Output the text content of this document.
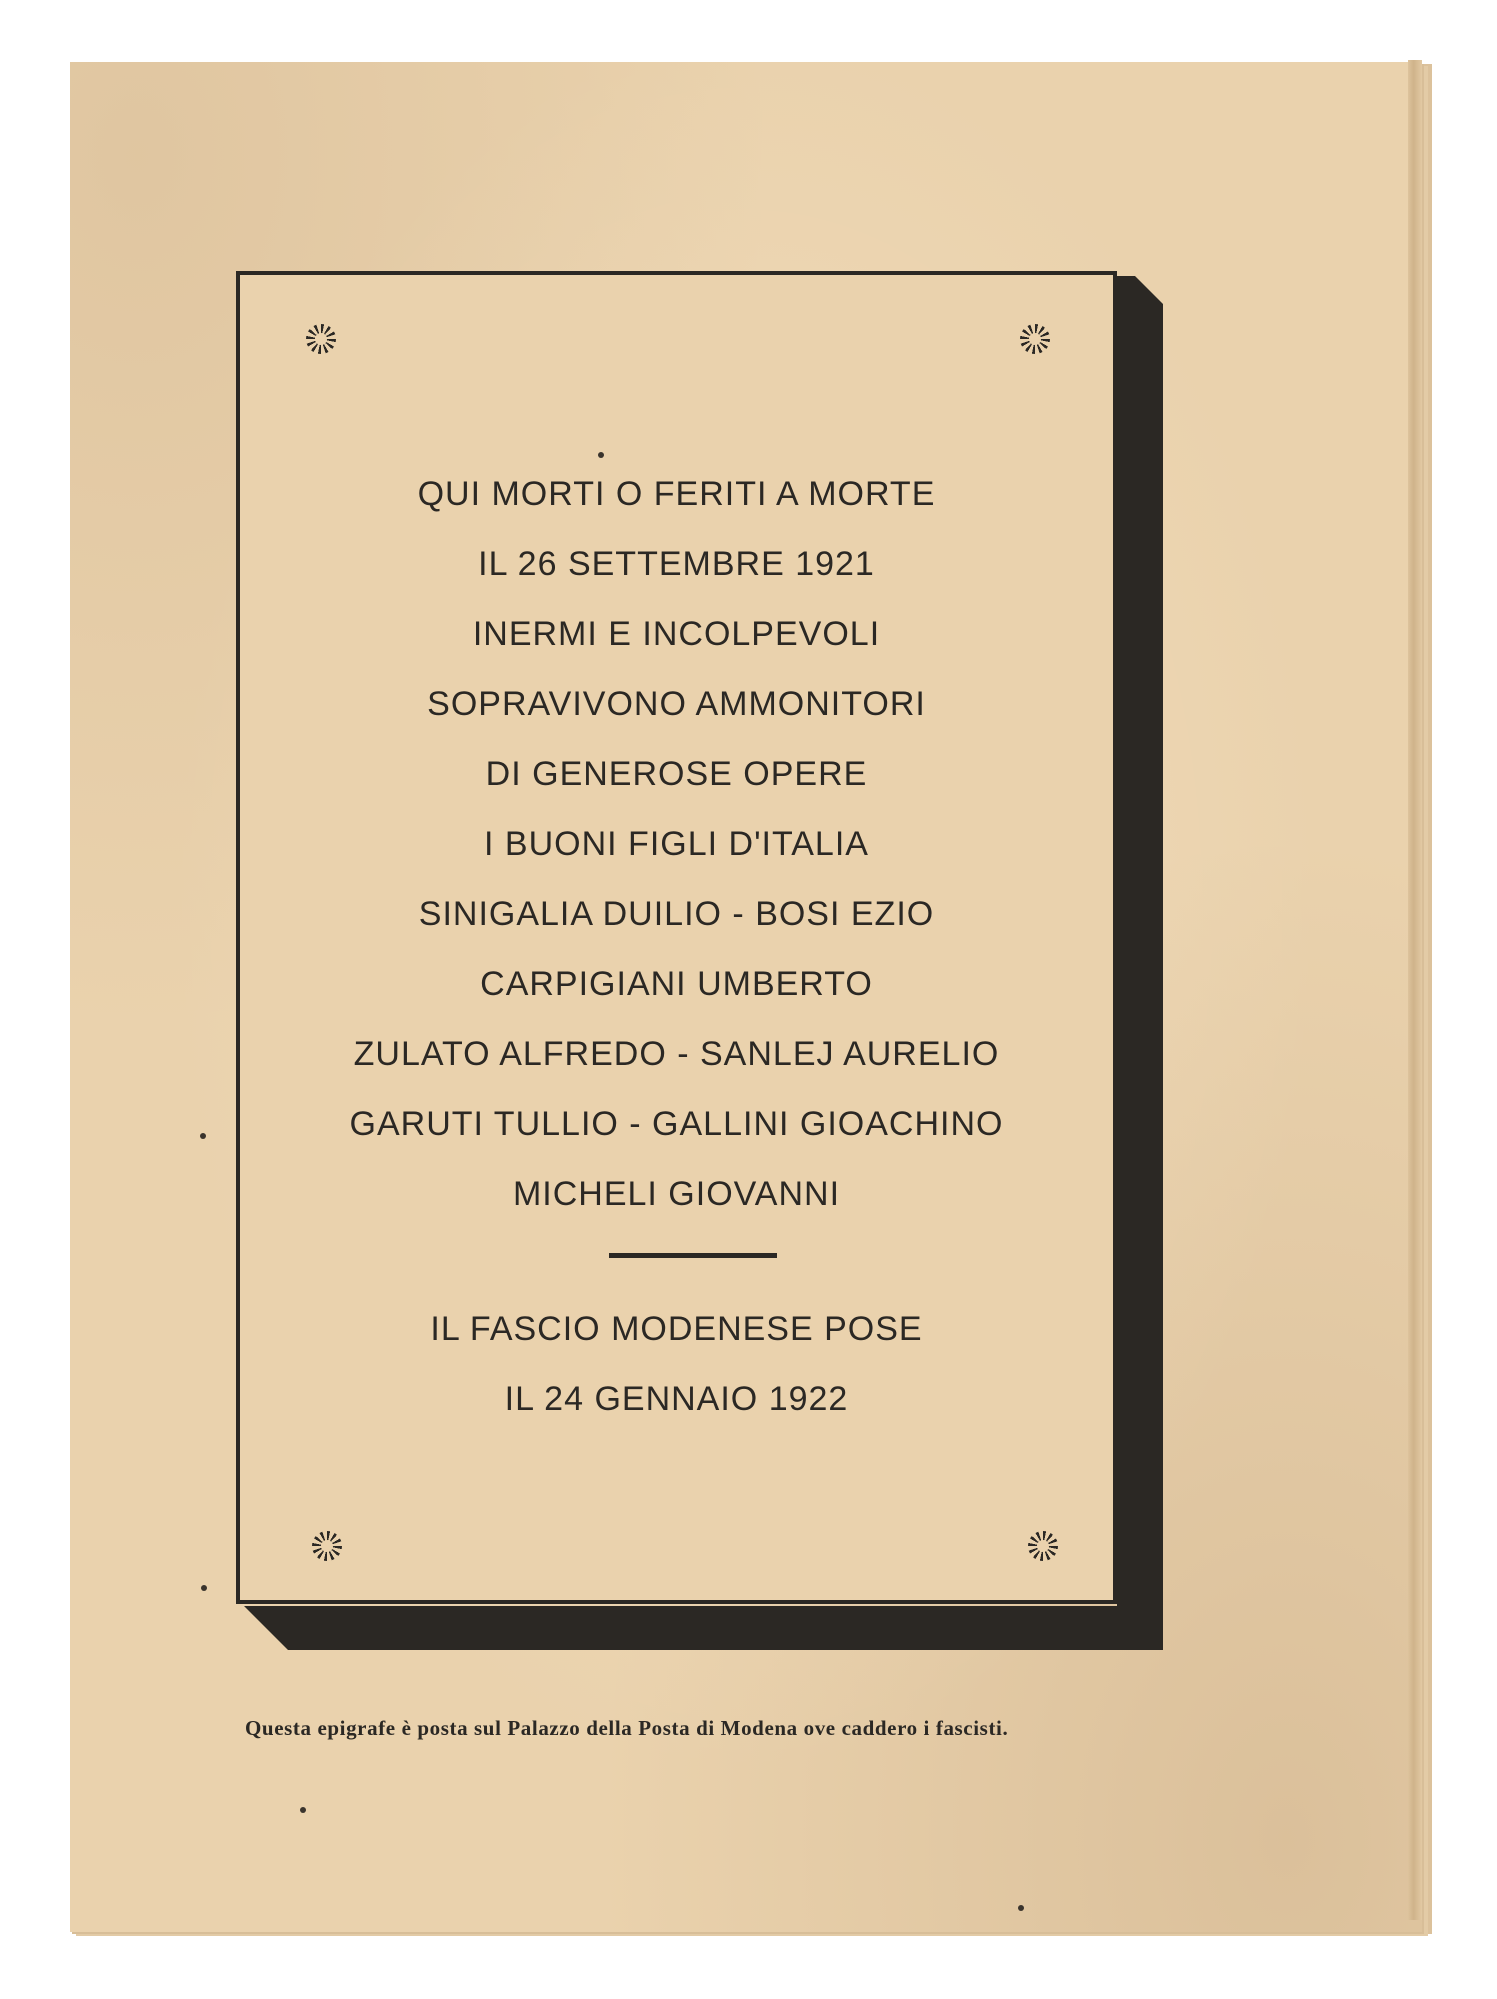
QUI MORTI O FERITI A MORTE
IL 26 SETTEMBRE 1921
INERMI E INCOLPEVOLI
SOPRAVIVONO AMMONITORI
DI GENEROSE OPERE
I BUONI FIGLI D'ITALIA
SINIGALIA DUILIO - BOSI EZIO
CARPIGIANI UMBERTO
ZULATO ALFREDO - SANLEJ AURELIO
GARUTI TULLIO - GALLINI GIOACHINO
MICHELI GIOVANNI
IL FASCIO MODENESE POSE
IL 24 GENNAIO 1922
Questa epigrafe è posta sul Palazzo della Posta di Modena ove caddero i fascisti.
